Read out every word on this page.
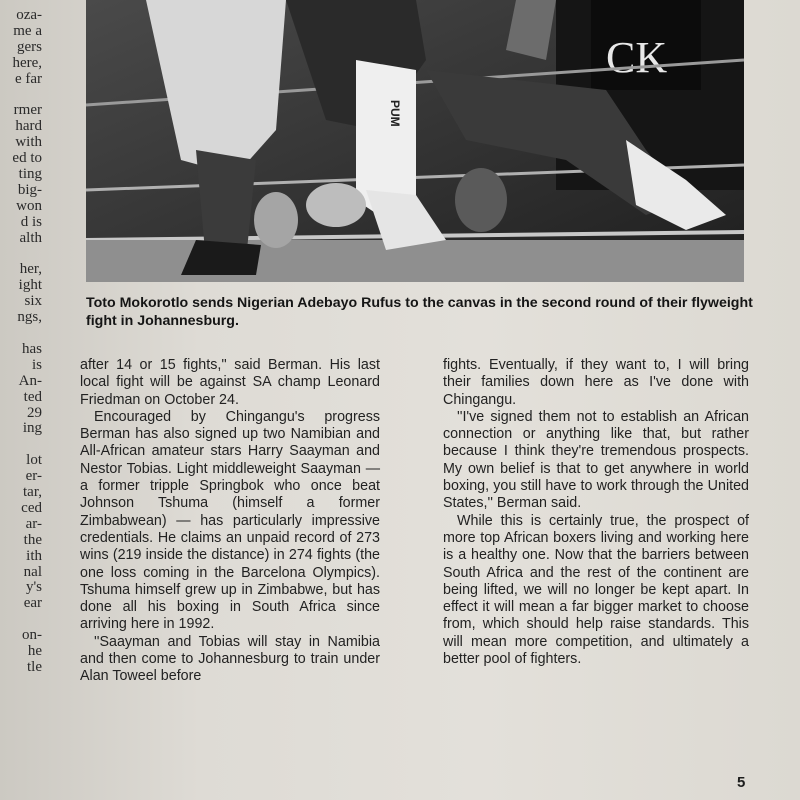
oza-
me a
gers
here,
e far
rmer
hard
with
ed to
ting
big-
won
d is
alth
her,
ight
six
ngs,
has
is
An-
ted
29
ing
lot
er-
tar,
ced
ar-
the
ith
nal
y's
ear
on-
he
tle
CK
PUM
Toto Mokorotlo sends Nigerian Adebayo Rufus to the canvas in the second round of their flyweight fight in Johannesburg.

after 14 or 15 fights,'' said Berman. His last local fight will be against SA champ Leonard Friedman on October 24.

Encouraged by Chingangu's progress Berman has also signed up two Namibian and All-African amateur stars Harry Saayman and Nestor Tobias. Light middleweight Saayman — a former tripple Springbok who once beat Johnson Tshuma (himself a former Zimbabwean) — has particularly impressive credentials. He claims an unpaid record of 273 wins (219 inside the distance) in 274 fights (the one loss coming in the Barcelona Olympics). Tshuma himself grew up in Zimbabwe, but has done all his boxing in South Africa since arriving here in 1992.

''Saayman and Tobias will stay in Namibia and then come to Johannesburg to train under Alan Toweel before

fights. Eventually, if they want to, I will bring their families down here as I've done with Chingangu.

''I've signed them not to establish an African connection or anything like that, but rather because I think they're tremendous prospects. My own belief is that to get anywhere in world boxing, you still have to work through the United States,'' Berman said.

While this is certainly true, the prospect of more top African boxers living and working here is a healthy one. Now that the barriers between South Africa and the rest of the continent are being lifted, we will no longer be kept apart. In effect it will mean a far bigger market to choose from, which should help raise standards. This will mean more competition, and ultimately a better pool of fighters.

5
